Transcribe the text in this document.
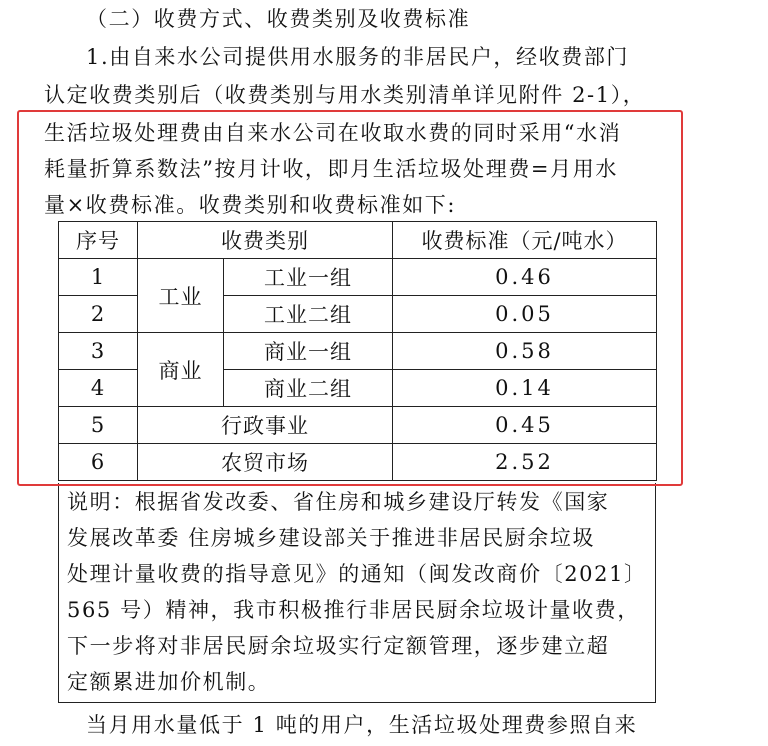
（二）收费方式、收费类别及收费标准
1.由自来水公司提供用水服务的非居民户，经收费部门
认定收费类别后（收费类别与用水类别清单详见附件 2-1），
生活垃圾处理费由自来水公司在收取水费的同时采用“水消
耗量折算系数法”按月计收，即月生活垃圾处理费=月用水
量×收费标准。收费类别和收费标准如下:
序号	收费类别		收费标准（元/吨水）
1	工业	工业一组	0.46
2		工业二组	0.05
3	商业	商业一组	0.58
4		商业二组	0.14
5	行政事业		0.45
6	农贸市场		2.52
说明：根据省发改委、省住房和城乡建设厅转发《国家
发展改革委 住房城乡建设部关于推进非居民厨余垃圾
处理计量收费的指导意见》的通知（闽发改商价〔2021〕
565 号）精神，我市积极推行非居民厨余垃圾计量收费，
下一步将对非居民厨余垃圾实行定额管理，逐步建立超
定额累进加价机制。
当月用水量低于 1 吨的用户，生活垃圾处理费参照自来
